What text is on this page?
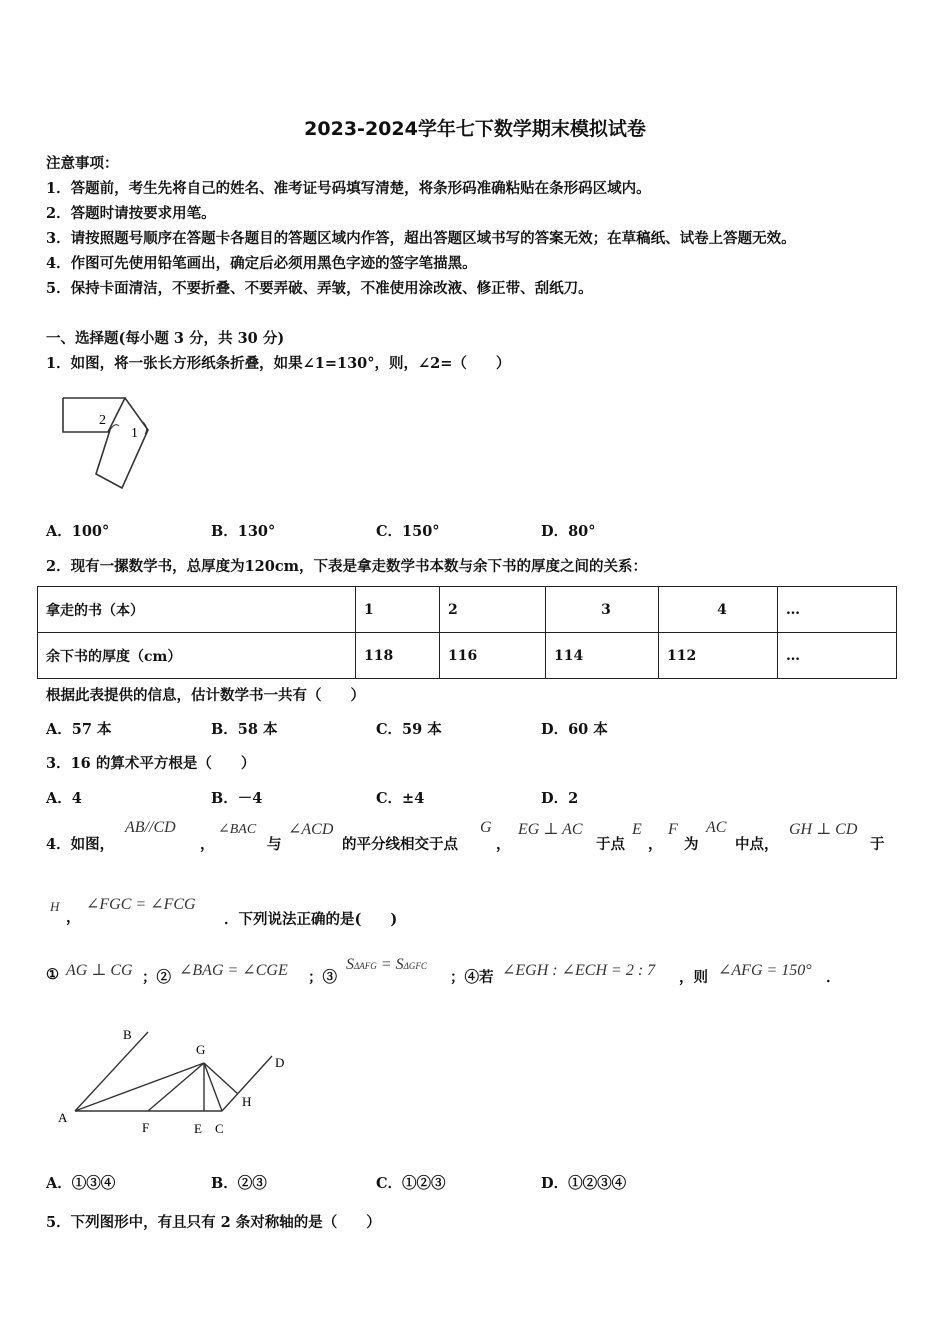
2023-2024学年七下数学期末模拟试卷
注意事项：
1．答题前，考生先将自己的姓名、准考证号码填写清楚，将条形码准确粘贴在条形码区域内。
2．答题时请按要求用笔。
3．请按照题号顺序在答题卡各题目的答题区域内作答，超出答题区域书写的答案无效；在草稿纸、试卷上答题无效。
4．作图可先使用铅笔画出，确定后必须用黑色字迹的签字笔描黑。
5．保持卡面清洁，不要折叠、不要弄破、弄皱，不准使用涂改液、修正带、刮纸刀。
一、选择题(每小题 3 分，共 30 分)
1．如图，将一张长方形纸条折叠，如果∠1=130°，则，∠2=（　　）
2
1
A．100°	B．130°	C．150°	D．80°
2．现有一摞数学书，总厚度为120cm，下表是拿走数学书本数与余下书的厚度之间的关系：
拿走的书（本）	1	2	3	4	…
余下书的厚度（cm）	118	116	114	112	…
根据此表提供的信息，估计数学书一共有（　　）
A．57 本	B．58 本	C．59 本	D．60 本
3．16 的算术平方根是（　　）
A．4	B．－4	C．±4	D．2
4．如图，
AB//CD
，
∠BAC
与
∠ACD
的平分线相交于点
G
，
EG ⊥ AC
于点
E
，
F
为
AC
中点，
GH ⊥ CD
于
H
，
∠FGC = ∠FCG
．下列说法正确的是(　　)
① AG ⊥ CG ；② ∠BAG = ∠CGE ；③
SΔAFG = SΔGFC
；④若 ∠EGH : ∠ECH = 2 : 7 ，则 ∠AFG = 150° ．
B
G
D
H
A
F	E C
A．①③④	B．②③	C．①②③	D．①②③④
5．下列图形中，有且只有 2 条对称轴的是（　　）
